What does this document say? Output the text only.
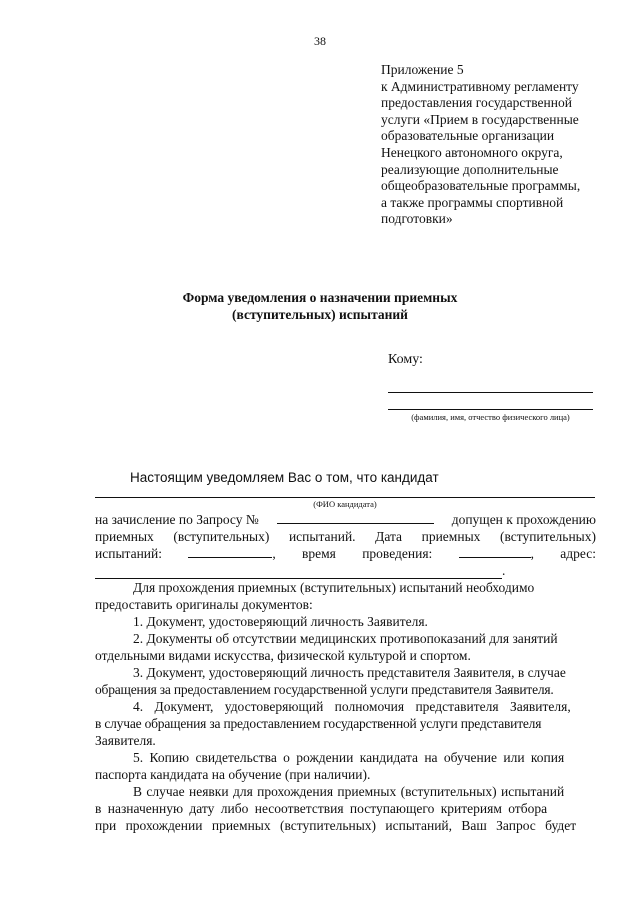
38
Приложение 5
к Административному регламенту
предоставления государственной
услуги «Прием в государственные
образовательные организации
Ненецкого автономного округа,
реализующие дополнительные
общеобразовательные программы,
а также программы спортивной
подготовки»
Форма уведомления о назначении приемных
(вступительных) испытаний
Кому:
(фамилия, имя, отчество физического лица)
Настоящим уведомляем Вас о том, что кандидат
(ФИО кандидата)
на зачисление по Запросу №	допущен к прохождению
приемных (вступительных) испытаний. Дата приемных (вступительных)
испытаний:	, время проведения:	, адрес:
.
Для прохождения приемных (вступительных) испытаний необходимо
предоставить оригиналы документов:
1. Документ, удостоверяющий личность Заявителя.
2. Документы об отсутствии медицинских противопоказаний для занятий
отдельными видами искусства, физической культурой и спортом.
3. Документ, удостоверяющий личность представителя Заявителя, в случае
обращения за предоставлением государственной услуги представителя Заявителя.
4. Документ, удостоверяющий полномочия представителя Заявителя,
в случае обращения за предоставлением государственной услуги представителя
Заявителя.
5. Копию свидетельства о рождении кандидата на обучение или копия
паспорта кандидата на обучение (при наличии).
В случае неявки для прохождения приемных (вступительных) испытаний
в назначенную дату либо несоответствия поступающего критериям отбора
при прохождении приемных (вступительных) испытаний, Ваш Запрос будет
